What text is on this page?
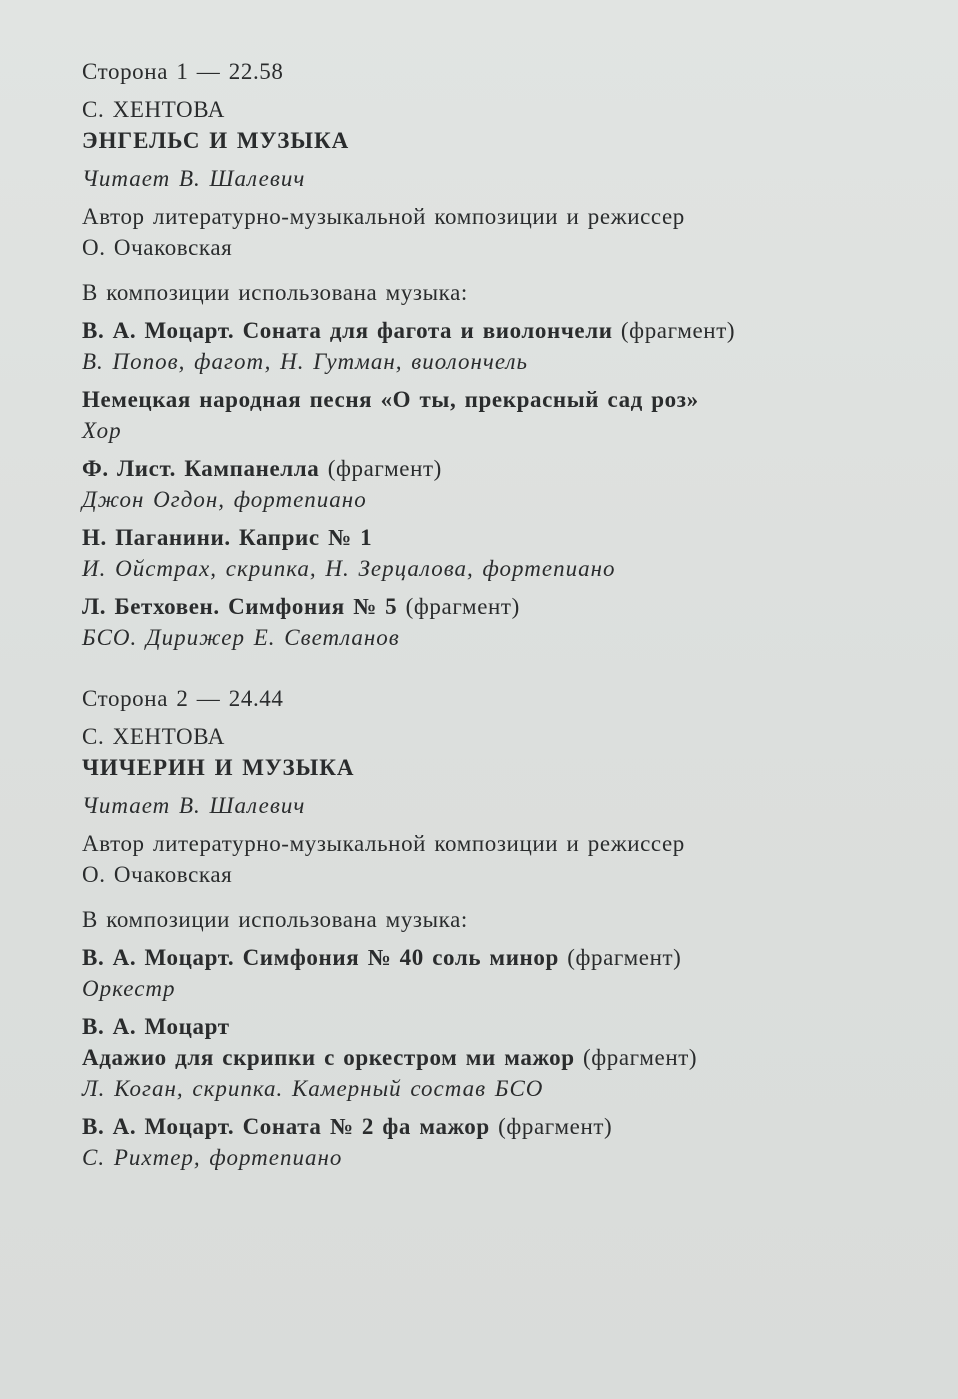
Сторона 1 — 22.58

С. ХЕНТОВА

ЭНГЕЛЬС И МУЗЫКА

Читает В. Шалевич

Автор литературно-музыкальной композиции и режиссер

О. Очаковская

В композиции использована музыка:

В. А. Моцарт. Соната для фагота и виолончели (фрагмент)

В. Попов, фагот, Н. Гутман, виолончель

Немецкая народная песня «О ты, прекрасный сад роз»

Хор

Ф. Лист. Кампанелла (фрагмент)

Джон Огдон, фортепиано

Н. Паганини. Каприс № 1

И. Ойстрах, скрипка, Н. Зерцалова, фортепиано

Л. Бетховен. Симфония № 5 (фрагмент)

БСО. Дирижер Е. Светланов

Сторона 2 — 24.44

С. ХЕНТОВА

ЧИЧЕРИН И МУЗЫКА

Читает В. Шалевич

Автор литературно-музыкальной композиции и режиссер

О. Очаковская

В композиции использована музыка:

В. А. Моцарт. Симфония № 40 соль минор (фрагмент)

Оркестр

В. А. Моцарт

Адажио для скрипки с оркестром ми мажор (фрагмент)

Л. Коган, скрипка. Камерный состав БСО

В. А. Моцарт. Соната № 2 фа мажор (фрагмент)

С. Рихтер, фортепиано
